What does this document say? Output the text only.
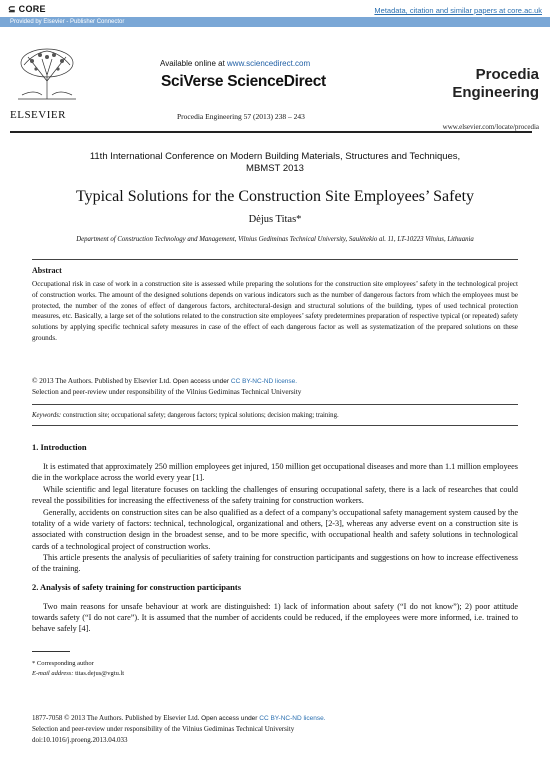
⊆ CORE	Metadata, citation and similar papers at core.ac.uk
Provided by Elsevier - Publisher Connector
ELSEVIER
Available online at www.sciencedirect.com
SciVerse ScienceDirect
Procedia Engineering 57 (2013) 238 – 243
Procedia
Engineering
www.elsevier.com/locate/procedia
11th International Conference on Modern Building Materials, Structures and Techniques,
MBMST 2013
Typical Solutions for the Construction Site Employees’ Safety
Dėjus Titas*
Department of Construction Technology and Management, Vilnius Gediminas Technical University, Saulėtekio al. 11, LT-10223 Vilnius, Lithuania
Abstract
Occupational risk in case of work in a construction site is assessed while preparing the solutions for the construction site employees’ safety in the technological project of construction works. The amount of the designed solutions depends on various indicators such as the number of dangerous factors from which the employees must be protected, the number of the zones of effect of dangerous factors, architectural-design and structural solutions of the building, types of used technical protection measures, etc. Basically, a large set of the solutions related to the construction site employees’ safety predetermines preparation of respective typical (or repeated) safety solutions by applying specific technical safety measures in case of the effect of each dangerous factor as well as systematization of the prepared solutions on these grounds.
© 2013 The Authors. Published by Elsevier Ltd. Open access under CC BY-NC-ND license.
Selection and peer-review under responsibility of the Vilnius Gediminas Technical University
Keywords: construction site; occupational safety; dangerous factors; typical solutions; decision making; training.
1. Introduction
It is estimated that approximately 250 million employees get injured, 150 million get occupational diseases and more than 1.1 million employees die in the workplace across the world every year [1].
While scientific and legal literature focuses on tackling the challenges of ensuring occupational safety, there is a lack of researches that could reveal the possibilities for increasing the effectiveness of the safety training for construction workers.
Generally, accidents on construction sites can be also qualified as a defect of a company’s occupational safety management system caused by the totality of a wide variety of factors: technical, technological, organizational and others, [2-3], whereas any adverse event on a construction site is associated with construction design in the broadest sense, and to be more specific, with occupational health and safety solutions in technological cards of a technological project of construction works.
This article presents the analysis of peculiarities of safety training for construction participants and suggestions on how to increase effectiveness of the training.
2. Analysis of safety training for construction participants
Two main reasons for unsafe behaviour at work are distinguished: 1) lack of information about safety (“I do not know”); 2) poor attitude towards safety (“I do not care”). It is assumed that the number of accidents could be reduced, if the employees were more informed, i.e. trained to behave safely [4].
* Corresponding author
E-mail address: titas.dejus@vgtu.lt
1877-7058 © 2013 The Authors. Published by Elsevier Ltd. Open access under CC BY-NC-ND license.
Selection and peer-review under responsibility of the Vilnius Gediminas Technical University
doi:10.1016/j.proeng.2013.04.033
